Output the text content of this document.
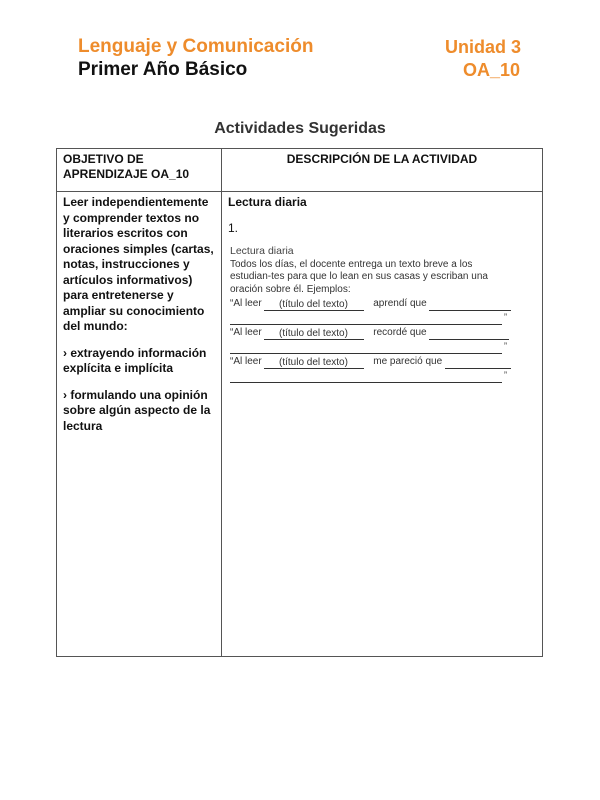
Lenguaje y Comunicación	Unidad 3
Primer Año Básico	OA_10
Actividades Sugeridas
OBJETIVO DE APRENDIZAJE OA_10
DESCRIPCIÓN DE LA ACTIVIDAD

Leer independientemente y comprender textos no literarios escritos con oraciones simples (cartas, notas, instrucciones y artículos informativos) para entretenerse y ampliar su conocimiento del mundo:

› extrayendo información explícita e implícita

› formulando una opinión sobre algún aspecto de la lectura

Lectura diaria
1.
Lectura diaria
Todos los días, el docente entrega un texto breve a los estudian-tes para que lo lean en sus casas y escriban una oración sobre él. Ejemplos:
“Al leer (título del texto)	aprendí que
”
“Al leer (título del texto)	recordé que
”
“Al leer (título del texto)	me pareció que
”
